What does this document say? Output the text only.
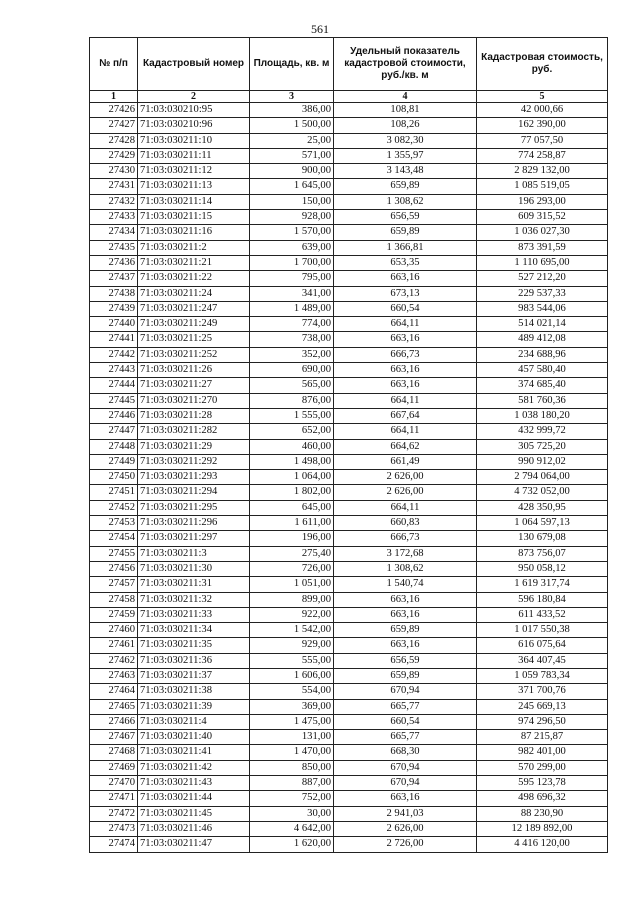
561
№ п/п	Кадастровый номер	Площадь, кв. м	Удельный показатель кадастровой стоимости, руб./кв. м	Кадастровая стоимость, руб.
1	2	3	4	5
27426	71:03:030210:95	386,00	108,81	42 000,66
27427	71:03:030210:96	1 500,00	108,26	162 390,00
27428	71:03:030211:10	25,00	3 082,30	77 057,50
27429	71:03:030211:11	571,00	1 355,97	774 258,87
27430	71:03:030211:12	900,00	3 143,48	2 829 132,00
27431	71:03:030211:13	1 645,00	659,89	1 085 519,05
27432	71:03:030211:14	150,00	1 308,62	196 293,00
27433	71:03:030211:15	928,00	656,59	609 315,52
27434	71:03:030211:16	1 570,00	659,89	1 036 027,30
27435	71:03:030211:2	639,00	1 366,81	873 391,59
27436	71:03:030211:21	1 700,00	653,35	1 110 695,00
27437	71:03:030211:22	795,00	663,16	527 212,20
27438	71:03:030211:24	341,00	673,13	229 537,33
27439	71:03:030211:247	1 489,00	660,54	983 544,06
27440	71:03:030211:249	774,00	664,11	514 021,14
27441	71:03:030211:25	738,00	663,16	489 412,08
27442	71:03:030211:252	352,00	666,73	234 688,96
27443	71:03:030211:26	690,00	663,16	457 580,40
27444	71:03:030211:27	565,00	663,16	374 685,40
27445	71:03:030211:270	876,00	664,11	581 760,36
27446	71:03:030211:28	1 555,00	667,64	1 038 180,20
27447	71:03:030211:282	652,00	664,11	432 999,72
27448	71:03:030211:29	460,00	664,62	305 725,20
27449	71:03:030211:292	1 498,00	661,49	990 912,02
27450	71:03:030211:293	1 064,00	2 626,00	2 794 064,00
27451	71:03:030211:294	1 802,00	2 626,00	4 732 052,00
27452	71:03:030211:295	645,00	664,11	428 350,95
27453	71:03:030211:296	1 611,00	660,83	1 064 597,13
27454	71:03:030211:297	196,00	666,73	130 679,08
27455	71:03:030211:3	275,40	3 172,68	873 756,07
27456	71:03:030211:30	726,00	1 308,62	950 058,12
27457	71:03:030211:31	1 051,00	1 540,74	1 619 317,74
27458	71:03:030211:32	899,00	663,16	596 180,84
27459	71:03:030211:33	922,00	663,16	611 433,52
27460	71:03:030211:34	1 542,00	659,89	1 017 550,38
27461	71:03:030211:35	929,00	663,16	616 075,64
27462	71:03:030211:36	555,00	656,59	364 407,45
27463	71:03:030211:37	1 606,00	659,89	1 059 783,34
27464	71:03:030211:38	554,00	670,94	371 700,76
27465	71:03:030211:39	369,00	665,77	245 669,13
27466	71:03:030211:4	1 475,00	660,54	974 296,50
27467	71:03:030211:40	131,00	665,77	87 215,87
27468	71:03:030211:41	1 470,00	668,30	982 401,00
27469	71:03:030211:42	850,00	670,94	570 299,00
27470	71:03:030211:43	887,00	670,94	595 123,78
27471	71:03:030211:44	752,00	663,16	498 696,32
27472	71:03:030211:45	30,00	2 941,03	88 230,90
27473	71:03:030211:46	4 642,00	2 626,00	12 189 892,00
27474	71:03:030211:47	1 620,00	2 726,00	4 416 120,00
